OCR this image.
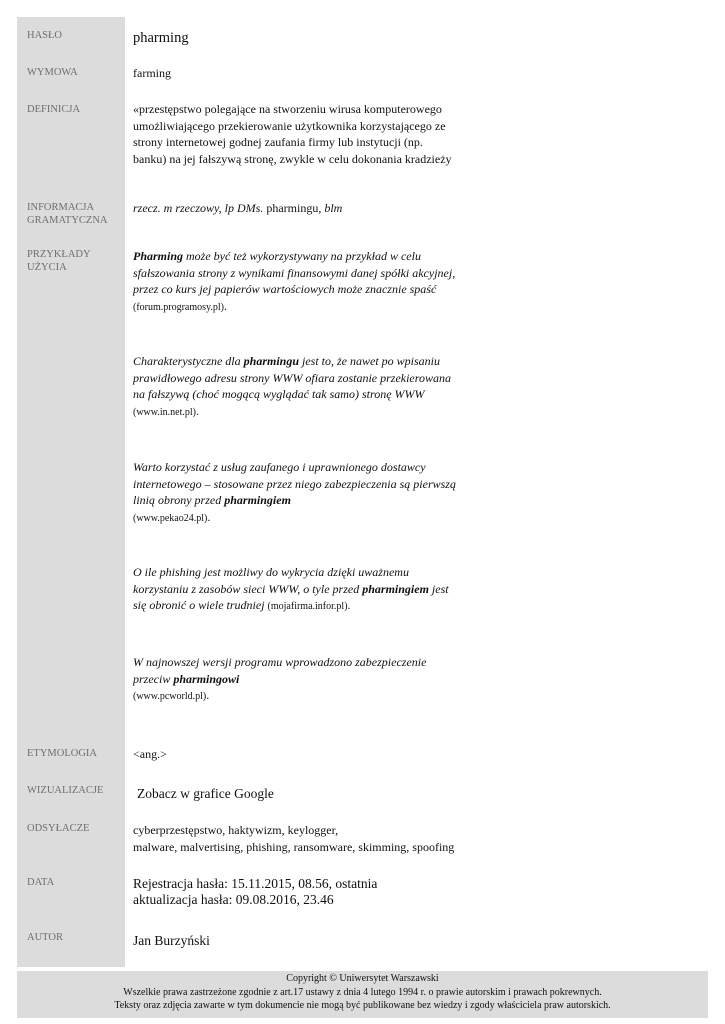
HASŁO
WYMOWA
DEFINICJA
INFORMACJA
GRAMATYCZNA
PRZYKŁADY
UŻYCIA
ETYMOLOGIA
WIZUALIZACJE
ODSYŁACZE
DATA
AUTOR
pharming
farming
«przestępstwo polegające na stworzeniu wirusa komputerowego umożliwiającego przekierowanie użytkownika korzystającego ze strony internetowej godnej zaufania firmy lub instytucji (np. banku) na jej fałszywą stronę, zwykle w celu dokonania kradzieży
rzecz. m rzeczowy, lp DMs. pharmingu, blm
Pharming może być też wykorzystywany na przykład w celu sfałszowania strony z wynikami finansowymi danej spółki akcyjnej, przez co kurs jej papierów wartościowych może znacznie spaść (forum.programosy.pl).
Charakterystyczne dla pharmingu jest to, że nawet po wpisaniu prawidłowego adresu strony WWW ofiara zostanie przekierowana na fałszywą (choć mogącą wyglądać tak samo) stronę WWW (www.in.net.pl).
Warto korzystać z usług zaufanego i uprawnionego dostawcy internetowego – stosowane przez niego zabezpieczenia są pierwszą linią obrony przed pharmingiem
(www.pekao24.pl).
O ile phishing jest możliwy do wykrycia dzięki uważnemu korzystaniu z zasobów sieci WWW, o tyle przed pharmingiem jest się obronić o wiele trudniej (mojafirma.infor.pl).
W najnowszej wersji programu wprowadzono zabezpieczenie przeciw pharmingowi
(www.pcworld.pl).
<ang.>
Zobacz w grafice Google
cyberprzestępstwo, haktywizm, keylogger,
malware, malvertising, phishing, ransomware, skimming, spoofing
Rejestracja hasła: 15.11.2015, 08.56, ostatnia
aktualizacja hasła: 09.08.2016, 23.46
Jan Burzyński
Copyright © Uniwersytet Warszawski
Wszelkie prawa zastrzeżone zgodnie z art.17 ustawy z dnia 4 lutego 1994 r. o prawie autorskim i prawach pokrewnych.
Teksty oraz zdjęcia zawarte w tym dokumencie nie mogą być publikowane bez wiedzy i zgody właściciela praw autorskich.
